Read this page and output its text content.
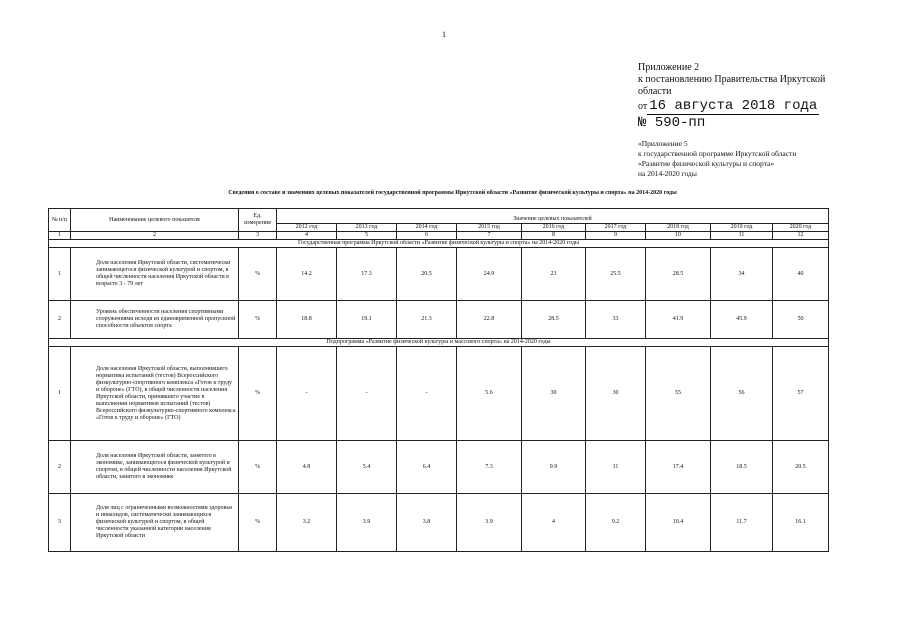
1
Приложение 2
к постановлению Правительства Иркутской
области
от 16 августа 2018 года
№ 590-пп
«Приложение 5
к государственной программе Иркутской области
«Развитие физической культуры и спорта»
на 2014-2020 годы
Сведения о составе и значениях целевых показателей государственной программы Иркутской области «Развитие физической культуры и спорта» на 2014-2020 годы
№ п/п	Наименование целевого показателя	Ед. измерения	Значение целевых показателей								
			2012 год	2013 год	2014 год	2015 год	2016 год	2017 год	2018 год	2019 год	2020 год
1	2	3	4	5	6	7	8	9	10	11	12
Государственная программа Иркутской области «Развитие физической культуры и спорта» на 2014-2020 годы											
1	Доля населения Иркутской области, систематически занимающегося физической культурой и спортом, в общей численности населения Иркутской области в возрасте 3 - 79 лет	%	14.2	17.3	20.5	24.9	23	25.5	28.5	34	40
2	Уровень обеспеченности населения спортивными сооружениями исходя из единовременной пропускной способности объектов спорта	%	18.8	19.1	21.3	22.8	28.5	33	41.9	45.9	50
Подпрограмма «Развитие физической культуры и массового спорта» на 2014-2020 годы											
1	Доля населения Иркутской области, выполнившего нормативы испытаний (тестов) Всероссийского физкультурно-спортивного комплекса «Готов к труду и обороне» (ГТО), в общей численности населения Иркутской области, принявшего участие в выполнении нормативов испытаний (тестов) Всероссийского физкультурно-спортивного комплекса «Готов к труду и обороне» (ГТО)	%	-	-	-	5.6	30	30	55	56	57
2	Доля населения Иркутской области, занятого в экономике, занимающегося физической культурой и спортом, в общей численности населения Иркутской области, занятого в экономике	%	4.8	5.4	6.4	7.3	9.9	11	17.4	18.5	20.5
3	Доля лиц с ограниченными возможностями здоровья и инвалидов, систематически занимающихся физической культурой и спортом, в общей численности указанной категории населения Иркутской области	%	3.2	3.9	3.8	3.9	4	9.2	10.4	11.7	16.1
